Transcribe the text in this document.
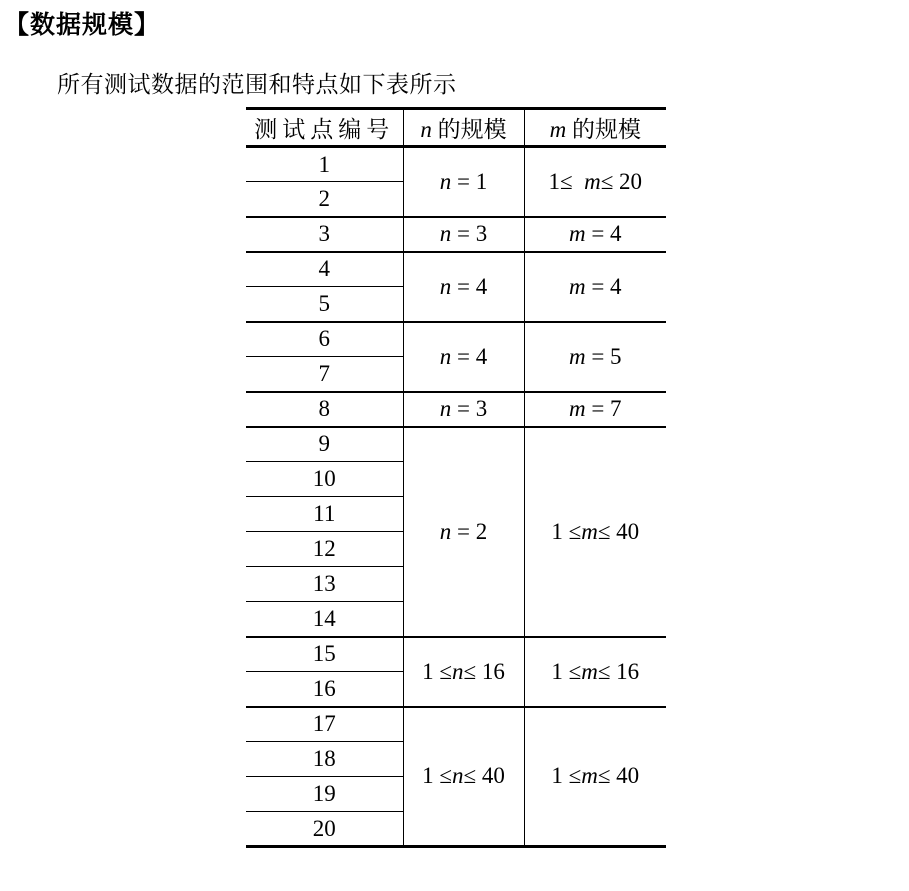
【数据规模】
所有测试数据的范围和特点如下表所示
测试点编号	n 的规模	m 的规模
1	n = 1	1≤  m≤ 20
2		
3	n = 3	m = 4
4	n = 4	m = 4
5		
6	n = 4	m = 5
7		
8	n = 3	m = 7
9	n = 2	1 ≤m≤ 40
10		
11		
12		
13		
14		
15	1 ≤n≤ 16	1 ≤m≤ 16
16		
17	1 ≤n≤ 40	1 ≤m≤ 40
18		
19		
20		
